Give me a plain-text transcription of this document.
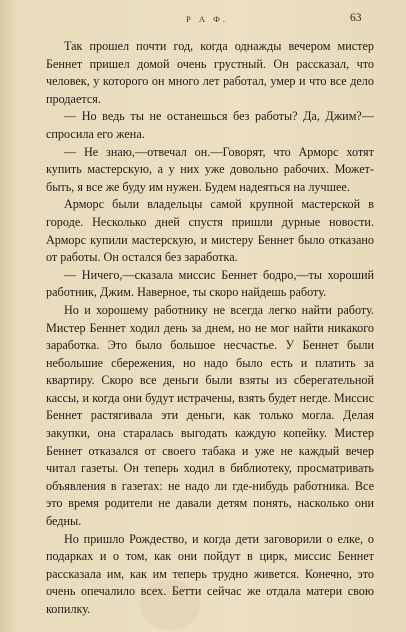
Р А Ф.	63

Так прошел почти год, когда однажды вечером мистер Беннет пришел домой очень грустный. Он рассказал, что человек, у которого он много лет работал, умер и что все дело продается.

— Но ведь ты не останешься без работы? Да, Джим?— спросила его жена.

— Не знаю,—отвечал он.—Говорят, что Арморс хотят купить мастерскую, а у них уже довольно рабочих. Может-быть, я все же буду им нужен. Будем надеяться на лучшее.

Арморс были владельцы самой крупной мастерской в городе. Несколько дней спустя пришли дурные новости. Арморс купили мастерскую, и мистеру Беннет было отказано от работы. Он остался без заработка.

— Ничего,—сказала миссис Беннет бодро,—ты хороший работник, Джим. Наверное, ты скоро найдешь работу.

Но и хорошему работнику не всегда легко найти работу. Мистер Беннет ходил день за днем, но не мог найти никакого заработка. Это было большое несчастье. У Беннет были небольшие сбережения, но надо было есть и платить за квартиру. Скоро все деньги были взяты из сберегательной кассы, и когда они будут истрачены, взять будет негде. Миссис Беннет растягивала эти деньги, как только могла. Делая закупки, она старалась выгодать каждую копейку. Мистер Беннет отказался от своего табака и уже не каждый вечер читал газеты. Он теперь ходил в библиотеку, просматривать объявления в газетах: не надо ли где-нибудь работника. Все это время родители не давали детям понять, насколько они бедны.

Но пришло Рождество, и когда дети заговорили о елке, о подарках и о том, как они пойдут в цирк, миссис Беннет рассказала им, как им теперь трудно живется. Конечно, это очень опечалило всех. Бетти сейчас же отдала матери свою копилку.
